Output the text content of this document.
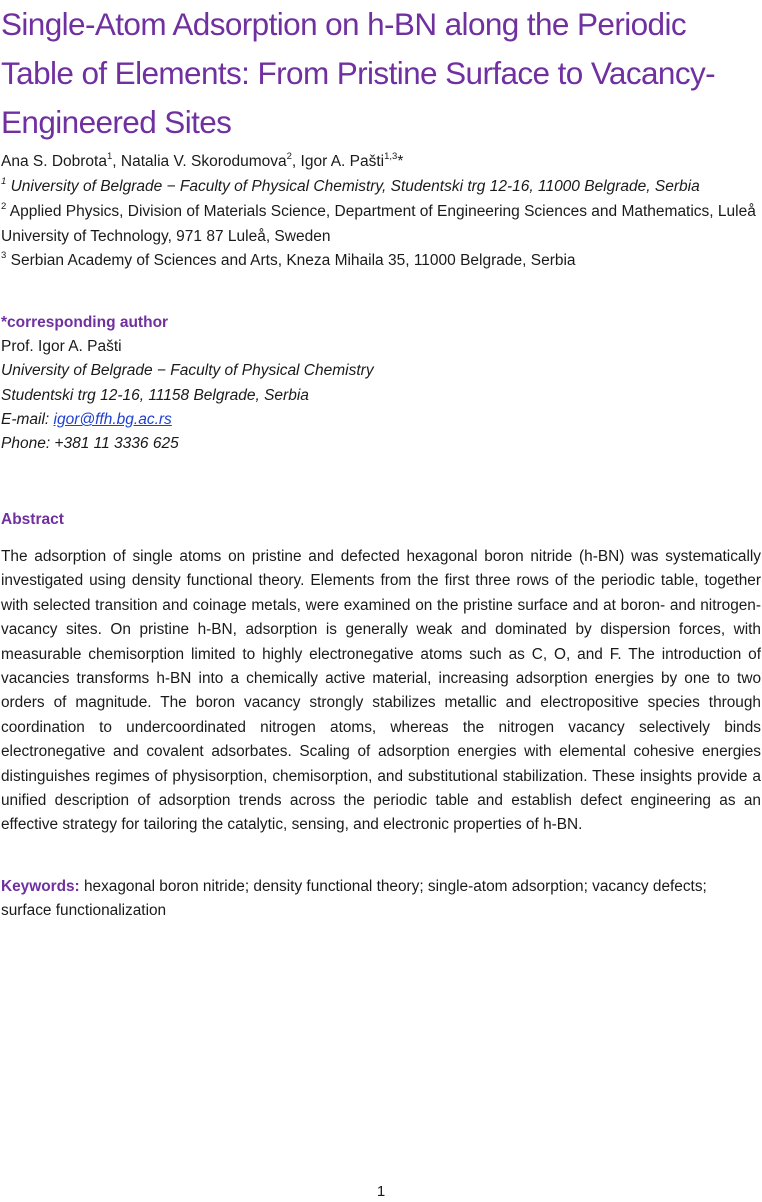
Single-Atom Adsorption on h-BN along the Periodic Table of Elements: From Pristine Surface to Vacancy-Engineered Sites
Ana S. Dobrota$^1$, Natalia V. Skorodumova$^2$, Igor A. Pašti$^{1,3}$*
$^1$ University of Belgrade − Faculty of Physical Chemistry, Studentski trg 12-16, 11000 Belgrade, Serbia
$^2$ Applied Physics, Division of Materials Science, Department of Engineering Sciences and Mathematics, Luleå University of Technology, 971 87 Luleå, Sweden
$^3$ Serbian Academy of Sciences and Arts, Kneza Mihaila 35, 11000 Belgrade, Serbia
*corresponding author
Prof. Igor A. Pašti
University of Belgrade − Faculty of Physical Chemistry
Studentski trg 12-16, 11158 Belgrade, Serbia
E-mail: igor@ffh.bg.ac.rs
Phone: +381 11 3336 625
Abstract

The adsorption of single atoms on pristine and defected hexagonal boron nitride (h-BN) was systematically investigated using density functional theory. Elements from the first three rows of the periodic table, together with selected transition and coinage metals, were examined on the pristine surface and at boron- and nitrogen-vacancy sites. On pristine h-BN, adsorption is generally weak and dominated by dispersion forces, with measurable chemisorption limited to highly electronegative atoms such as C, O, and F. The introduction of vacancies transforms h-BN into a chemically active material, increasing adsorption energies by one to two orders of magnitude. The boron vacancy strongly stabilizes metallic and electropositive species through coordination to undercoordinated nitrogen atoms, whereas the nitrogen vacancy selectively binds electronegative and covalent adsorbates. Scaling of adsorption energies with elemental cohesive energies distinguishes regimes of physisorption, chemisorption, and substitutional stabilization. These insights provide a unified description of adsorption trends across the periodic table and establish defect engineering as an effective strategy for tailoring the catalytic, sensing, and electronic properties of h-BN.

Keywords: hexagonal boron nitride; density functional theory; single-atom adsorption; vacancy defects; surface functionalization

1
